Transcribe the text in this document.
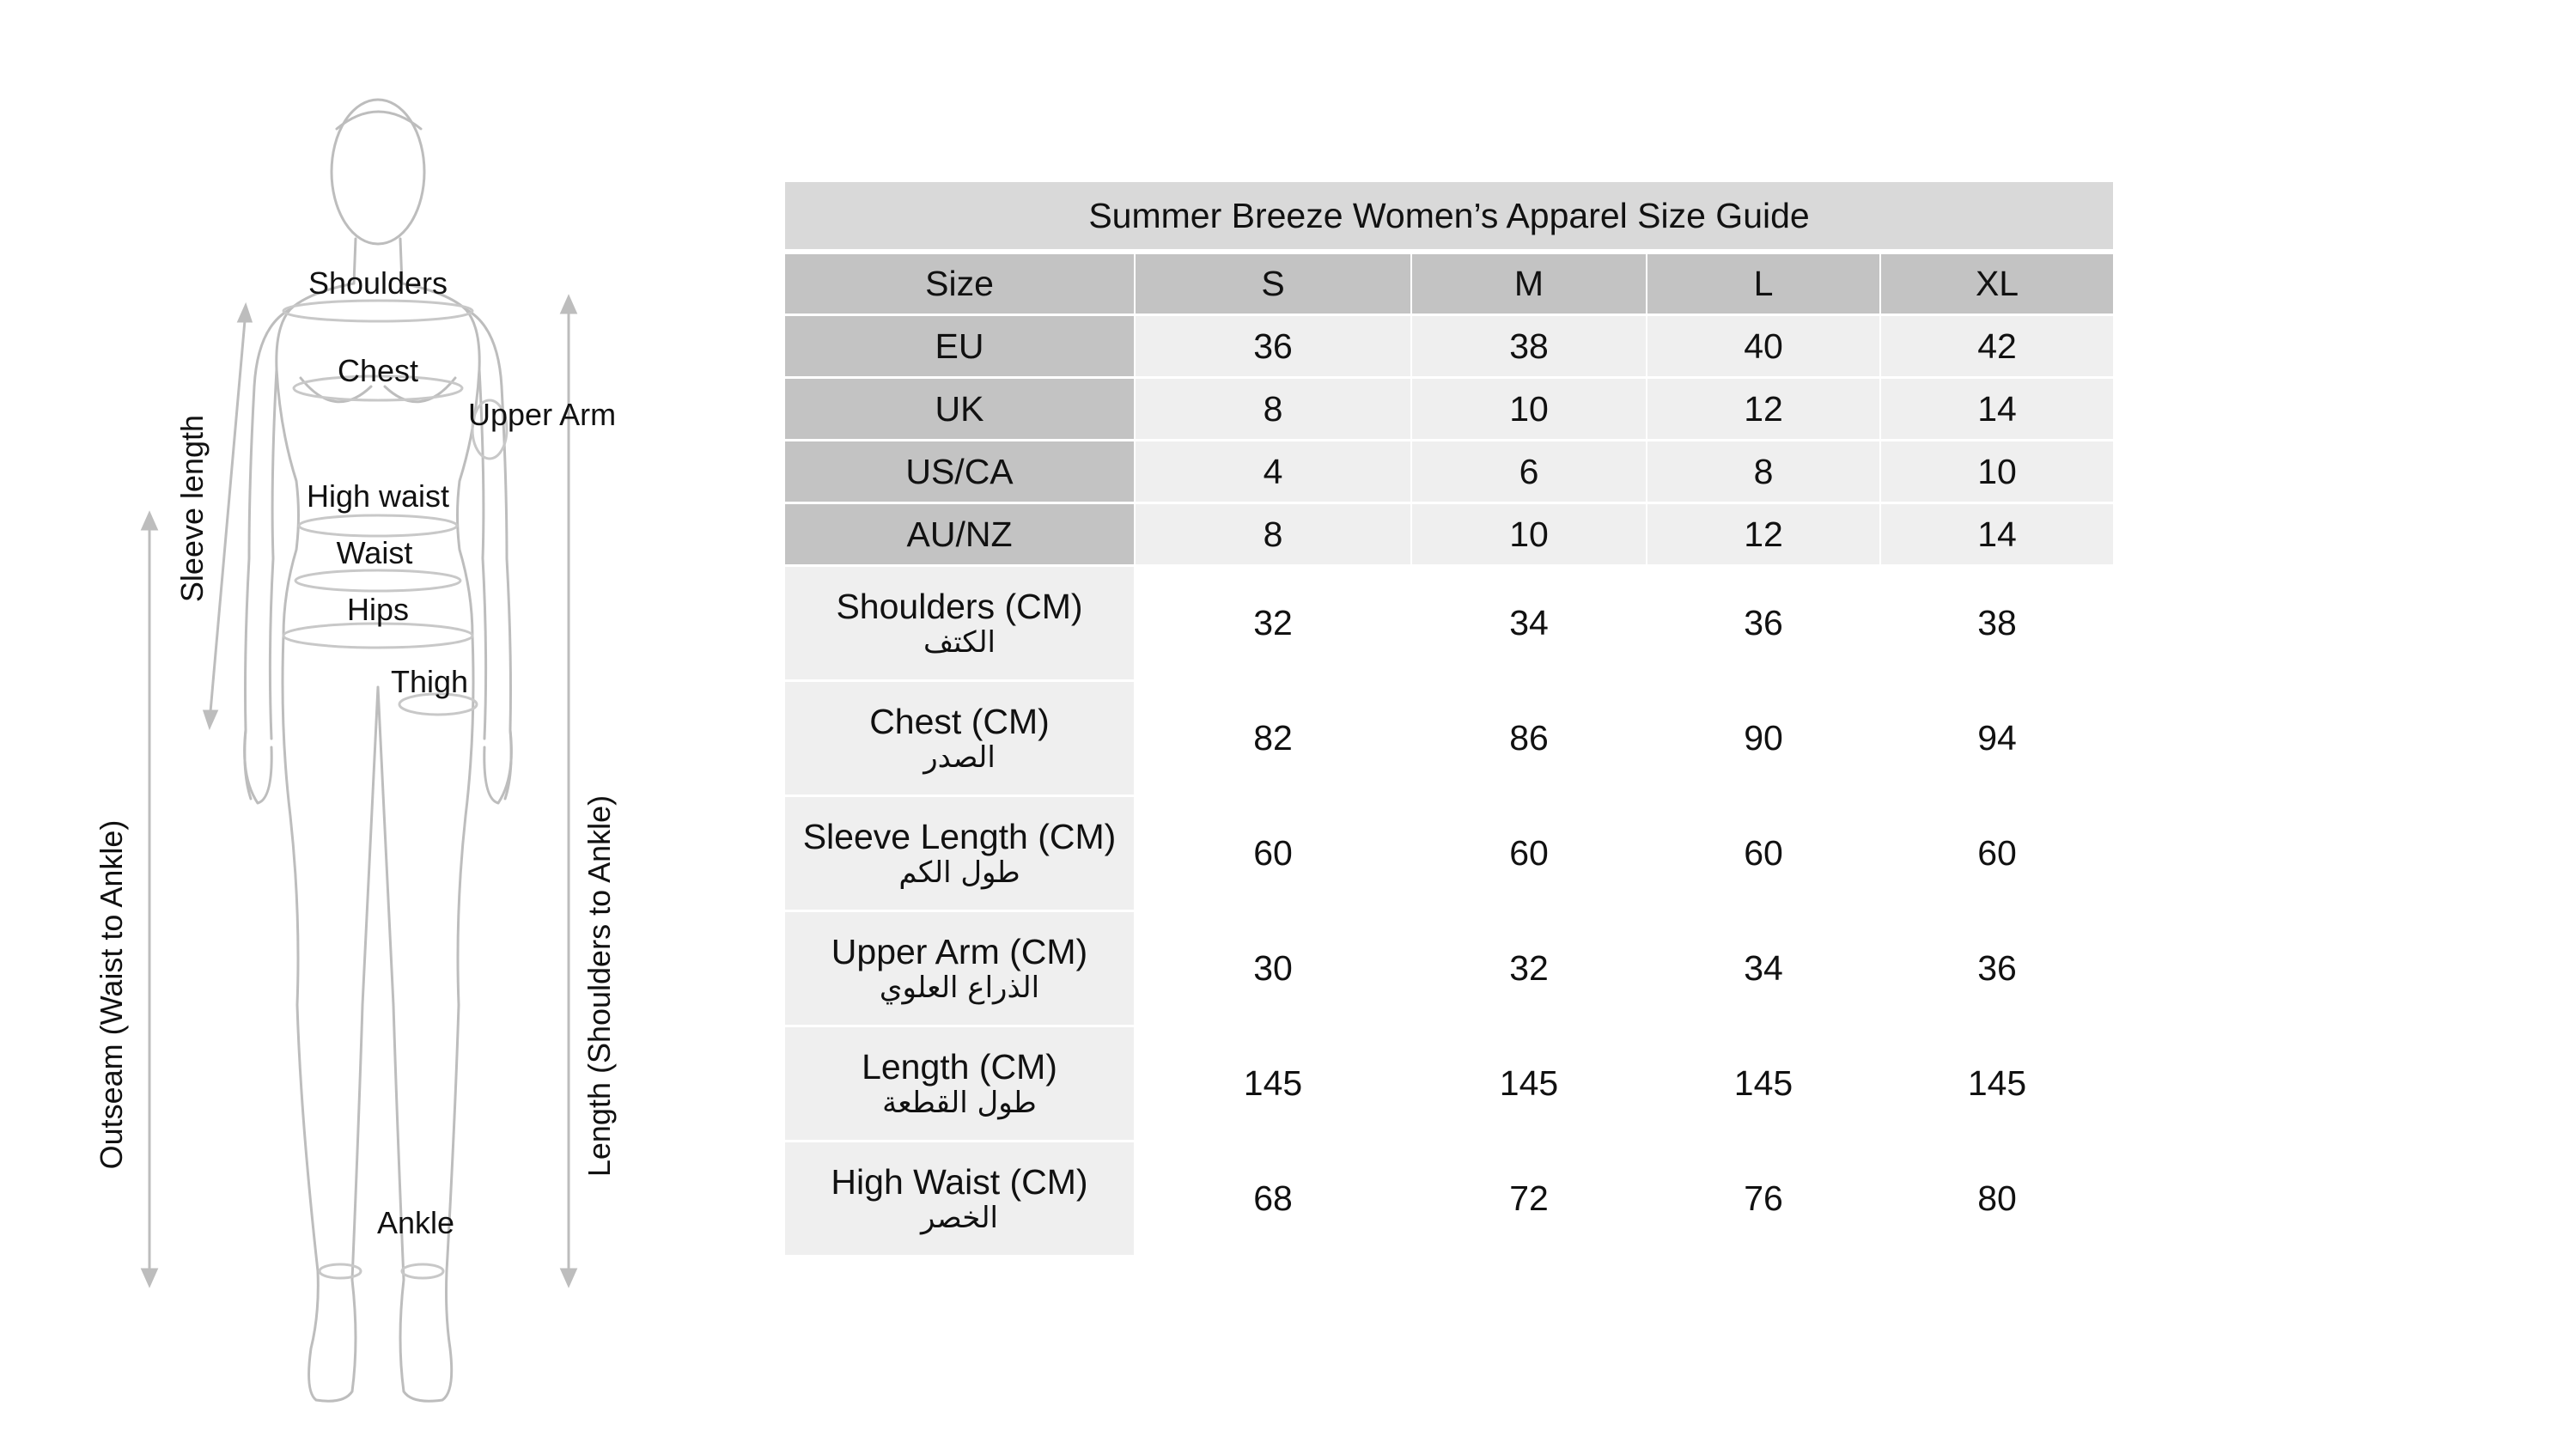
Shoulders
Chest
Upper Arm
High waist
Waist
Hips
Thigh
Ankle
Sleeve length
Outseam (Waist to Ankle)	Length (Shoulders to Ankle)
Summer Breeze Women’s Apparel Size Guide				
Size	S	M	L	XL
EU	36	38	40	42
UK	8	10	12	14
US/CA	4	6	8	10
AU/NZ	8	10	12	14

Shoulders (CM)
الكتف	32	34	36	38

Chest (CM)
الصدر	82	86	90	94

Sleeve Length (CM)
طول الكم	60	60	60	60

Upper Arm (CM)
الذراع العلوي	30	32	34	36

Length (CM)
طول القطعة	145	145	145	145

High Waist (CM)
الخصر	68	72	76	80
